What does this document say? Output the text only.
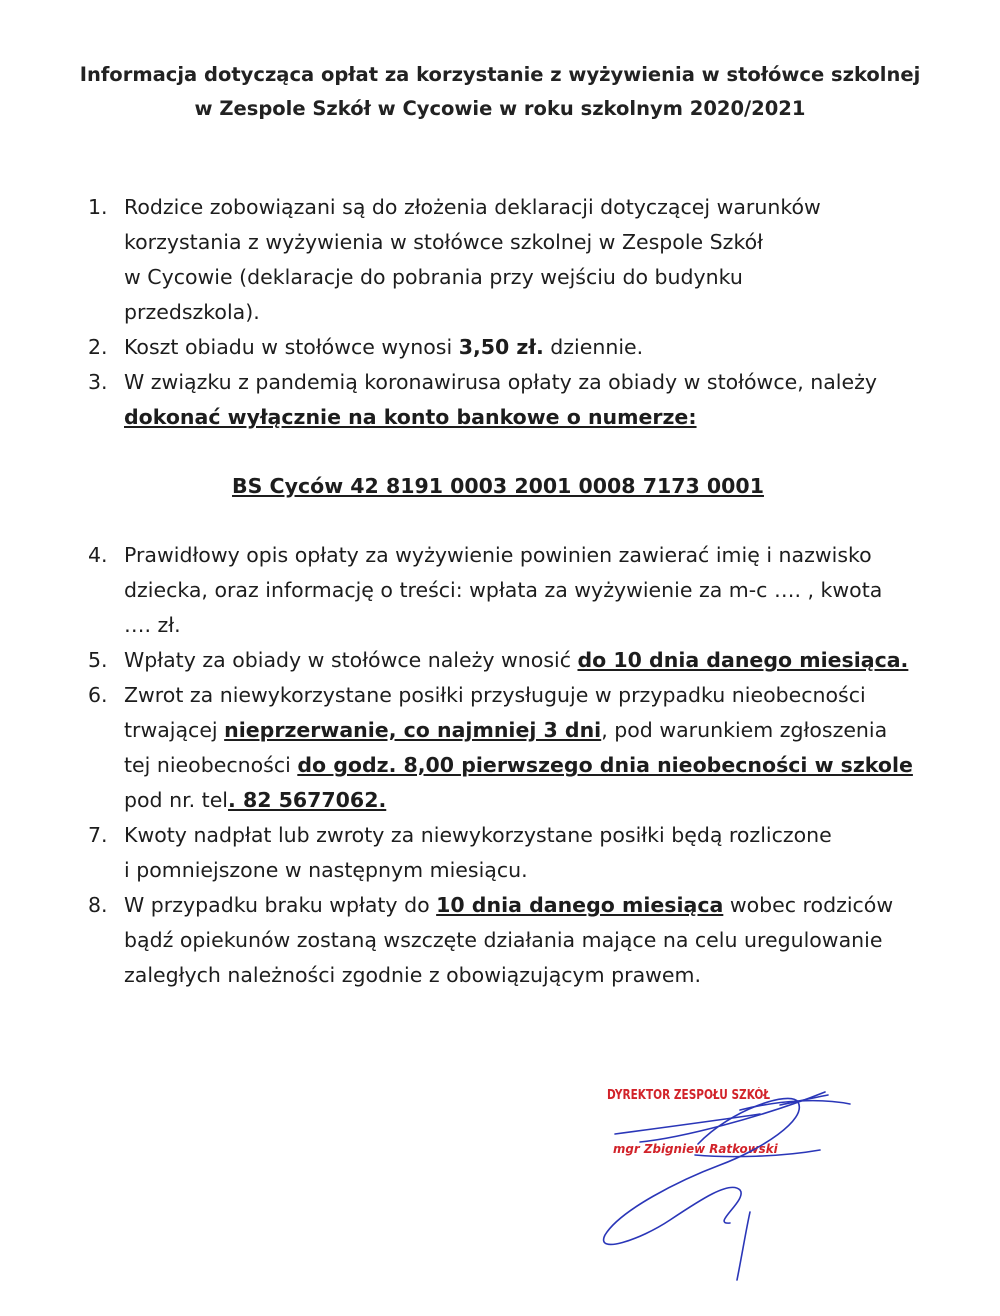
Informacja dotycząca opłat za korzystanie z wyżywienia w stołówce szkolnej
w Zespole Szkół w Cycowie w roku szkolnym 2020/2021
1. Rodzice zobowiązani są do złożenia deklaracji dotyczącej warunków
korzystania z wyżywienia w stołówce szkolnej w Zespole Szkół
w Cycowie (deklaracje do pobrania przy wejściu do budynku
przedszkola).
2. Koszt obiadu w stołówce wynosi 3,50 zł. dziennie.
3. W związku z pandemią koronawirusa opłaty za obiady w stołówce, należy
dokonać wyłącznie na konto bankowe o numerze:
BS Cyców 42 8191 0003 2001 0008 7173 0001
4. Prawidłowy opis opłaty za wyżywienie powinien zawierać imię i nazwisko
dziecka, oraz informację o treści: wpłata za wyżywienie za m-c …. , kwota
…. zł.
5. Wpłaty za obiady w stołówce należy wnosić do 10 dnia danego miesiąca.
6. Zwrot za niewykorzystane posiłki przysługuje w przypadku nieobecności
trwającej nieprzerwanie, co najmniej 3 dni, pod warunkiem zgłoszenia
tej nieobecności do godz. 8,00 pierwszego dnia nieobecności w szkole
pod nr. tel. 82 5677062.
7. Kwoty nadpłat lub zwroty za niewykorzystane posiłki będą rozliczone
i pomniejszone w następnym miesiącu.
8. W przypadku braku wpłaty do 10 dnia danego miesiąca wobec rodziców
bądź opiekunów zostaną wszczęte działania mające na celu uregulowanie
zaległych należności zgodnie z obowiązującym prawem.
DYREKTOR ZESPOŁU SZKÓŁ
mgr Zbigniew Ratkowski
